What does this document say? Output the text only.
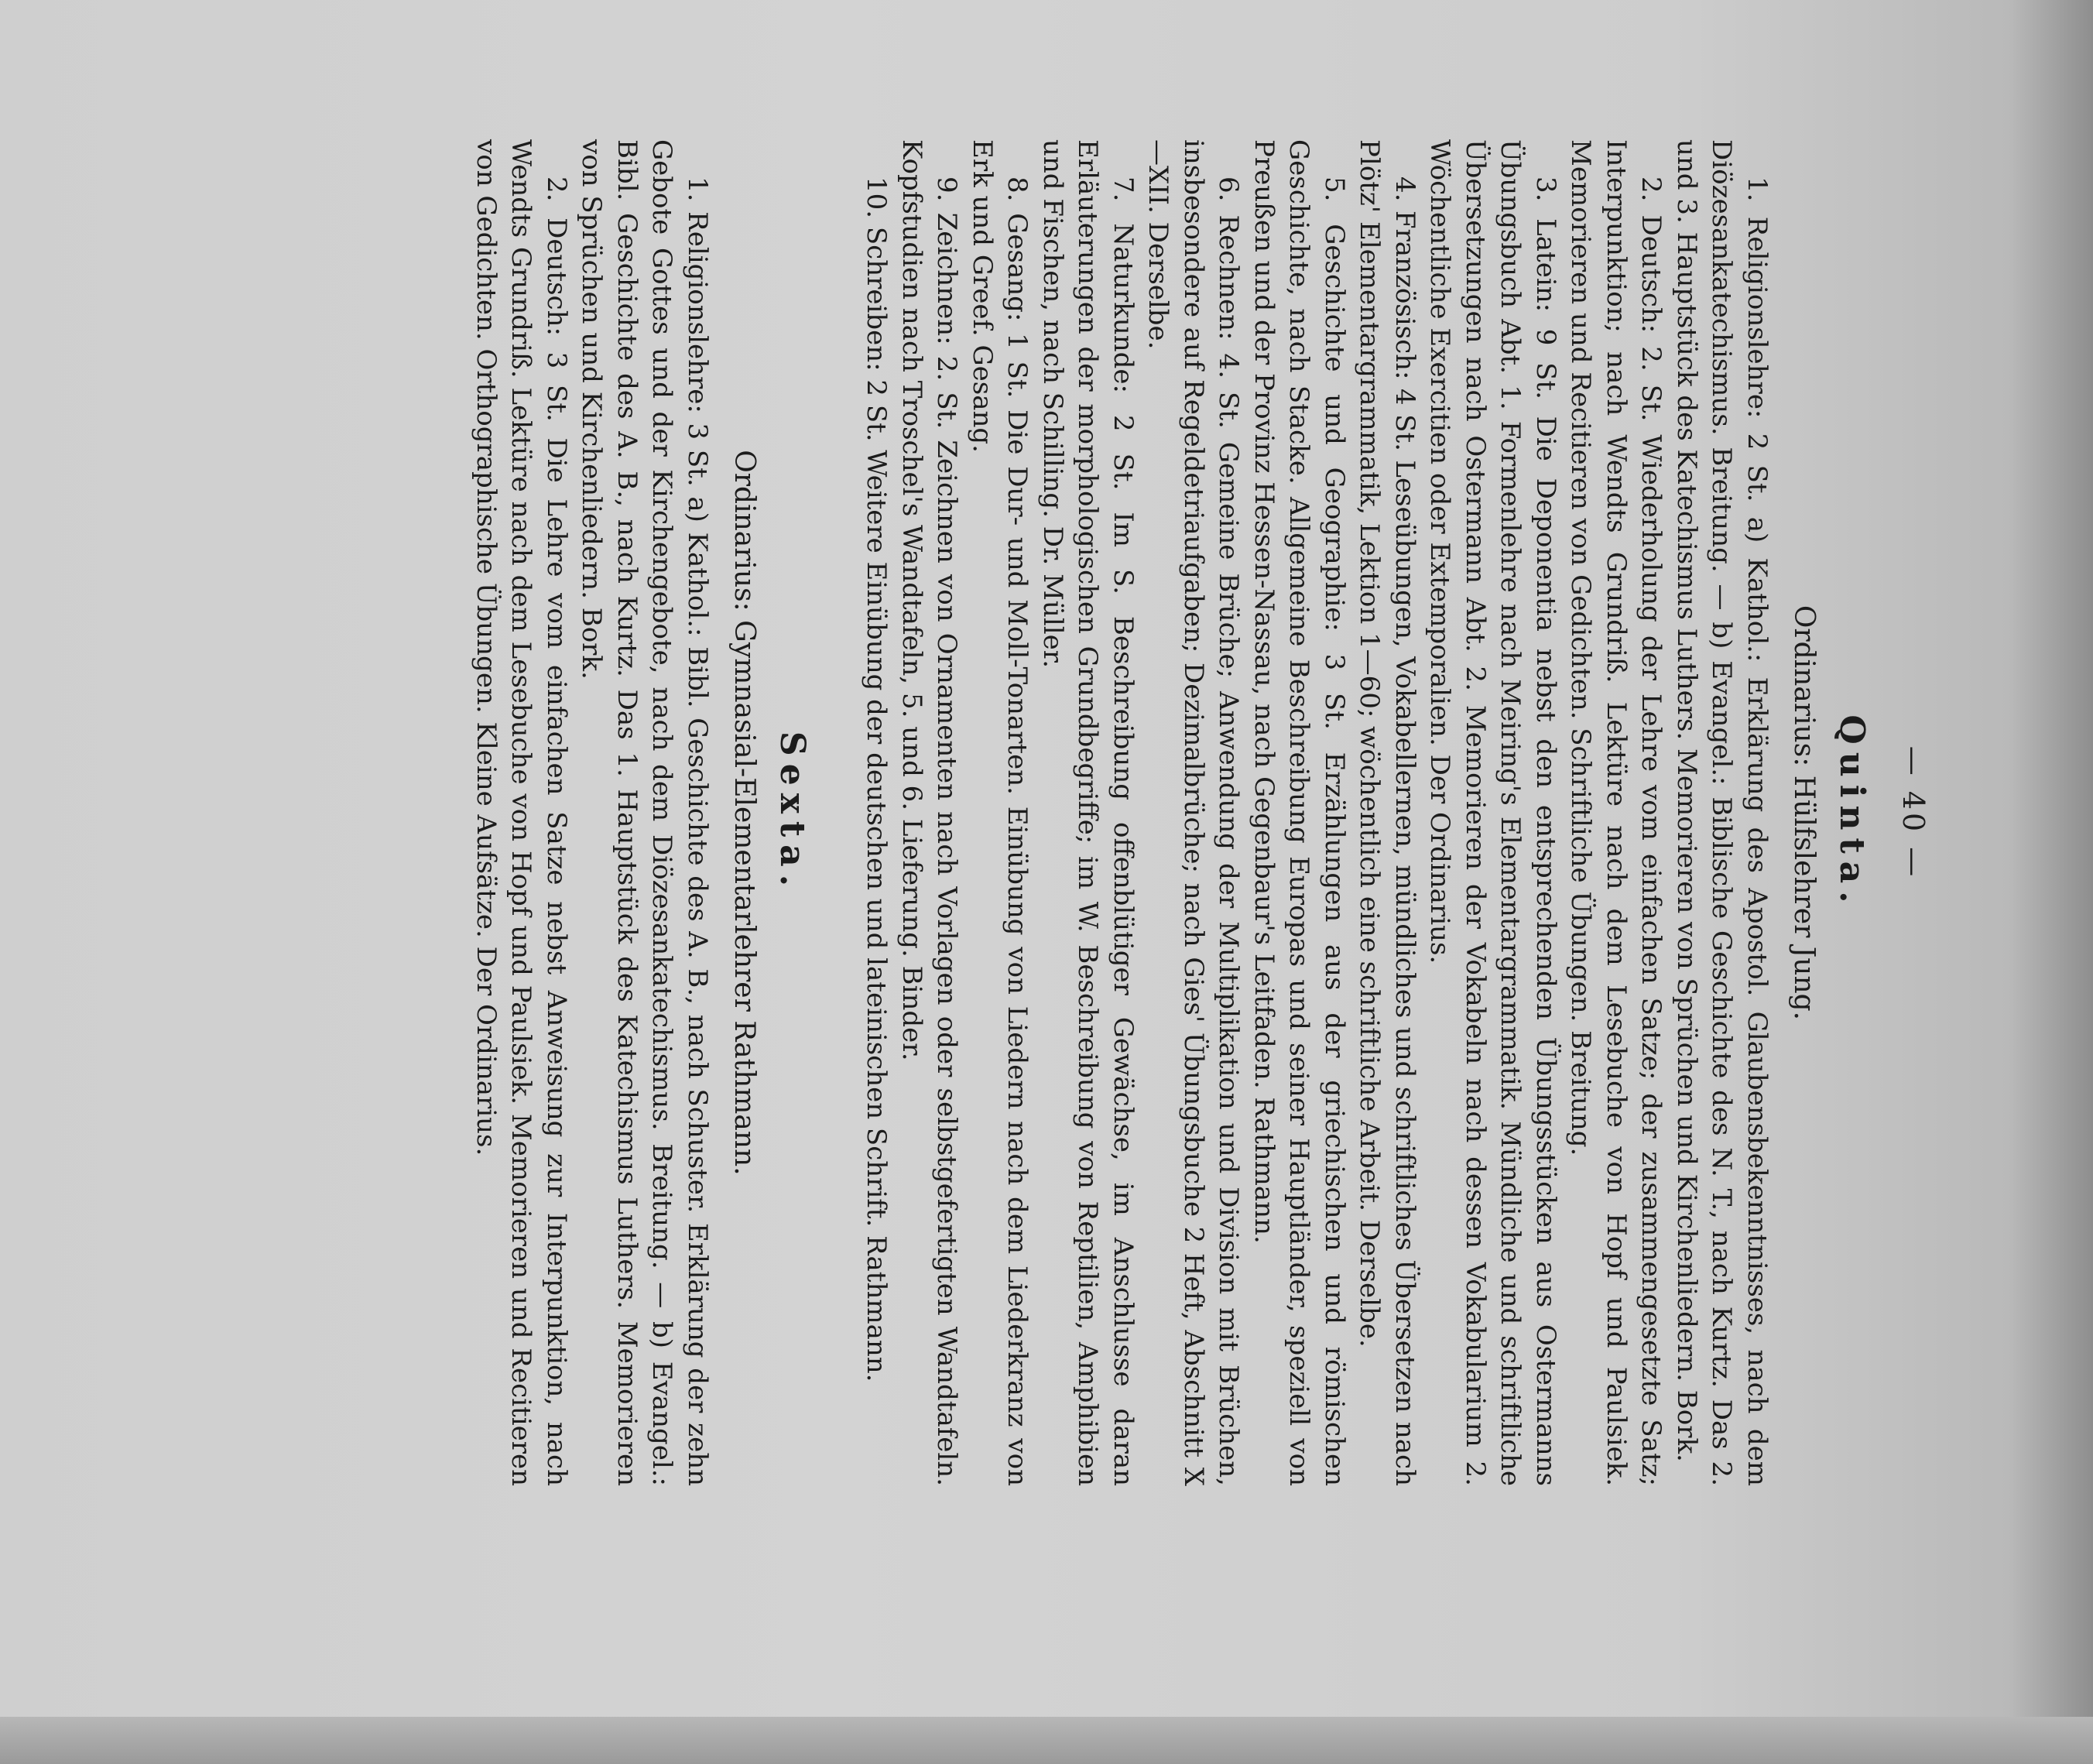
— 40 —
Quinta.
Ordinarius: Hülfslehrer Jung.

1. Religionslehre: 2 St. a) Kathol.: Erklärung des Apostol. Glaubensbekenntnisses, nach dem Diözesankatechismus. Breitung. — b) Evangel.: Biblische Geschichte des N. T., nach Kurtz. Das 2. und 3. Hauptstück des Katechismus Luthers. Memorieren von Sprüchen und Kirchenliedern. Bork.

2. Deutsch: 2. St. Wiederholung der Lehre vom einfachen Satze; der zusammengesetzte Satz; Interpunktion; nach Wendts Grundriß. Lektüre nach dem Lesebuche von Hopf und Paulsiek. Memorieren und Recitieren von Gedichten. Schriftliche Übungen. Breitung.

3. Latein: 9 St. Die Deponentia nebst den entsprechenden Übungsstücken aus Ostermanns Übungsbuch Abt. 1. Formenlehre nach Meiring's Elementargrammatik. Mündliche und schriftliche Übersetzungen nach Ostermann Abt. 2. Memorieren der Vokabeln nach dessen Vokabularium 2. Wöchentliche Exercitien oder Extemporalien. Der Ordinarius.

4. Französisch: 4 St. Leseübungen, Vokabellernen, mündliches und schriftliches Übersetzen nach Plötz' Elementargrammatik, Lektion 1—60; wöchentlich eine schriftliche Arbeit. Derselbe.

5. Geschichte und Geographie: 3 St. Erzählungen aus der griechischen und römischen Geschichte, nach Stacke. Allgemeine Beschreibung Europas und seiner Hauptländer, speziell von Preußen und der Provinz Hessen-Nassau, nach Gegenbaur's Leitfaden. Rathmann.

6. Rechnen: 4. St. Gemeine Brüche; Anwendung der Multiplikation und Division mit Brüchen, insbesondere auf Regeldetriaufgaben; Dezimalbrüche; nach Gies' Übungsbuche 2 Heft, Abschnitt X—XII. Derselbe.

7. Naturkunde: 2 St. Im S. Beschreibung offenblütiger Gewächse, im Anschlusse daran Erläuterungen der morphologischen Grundbegriffe; im W. Beschreibung von Reptilien, Amphibien und Fischen, nach Schilling. Dr. Müller.

8. Gesang: 1 St. Die Dur- und Moll-Tonarten. Einübung von Liedern nach dem Liederkranz von Erk und Greef. Gesang.

9. Zeichnen: 2. St. Zeichnen von Ornamenten nach Vorlagen oder selbstgefertigten Wandtafeln. Kopfstudien nach Troschel's Wandtafeln, 5. und 6. Lieferung. Binder.

10. Schreiben: 2 St. Weitere Einübung der deutschen und lateinischen Schrift. Rathmann.

Sexta.
Ordinarius: Gymnasial-Elementarlehrer Rathmann.

1. Religionslehre: 3 St. a) Kathol.: Bibl. Geschichte des A. B., nach Schuster. Erklärung der zehn Gebote Gottes und der Kirchengebote, nach dem Diözesankatechismus. Breitung. — b) Evangel.: Bibl. Geschichte des A. B., nach Kurtz. Das 1. Hauptstück des Katechismus Luthers. Memorieren von Sprüchen und Kirchenliedern. Bork.

2. Deutsch: 3 St. Die Lehre vom einfachen Satze nebst Anweisung zur Interpunktion, nach Wendts Grundriß. Lektüre nach dem Lesebuche von Hopf und Paulsiek. Memorieren und Recitieren von Gedichten. Orthographische Übungen. Kleine Aufsätze. Der Ordinarius.
